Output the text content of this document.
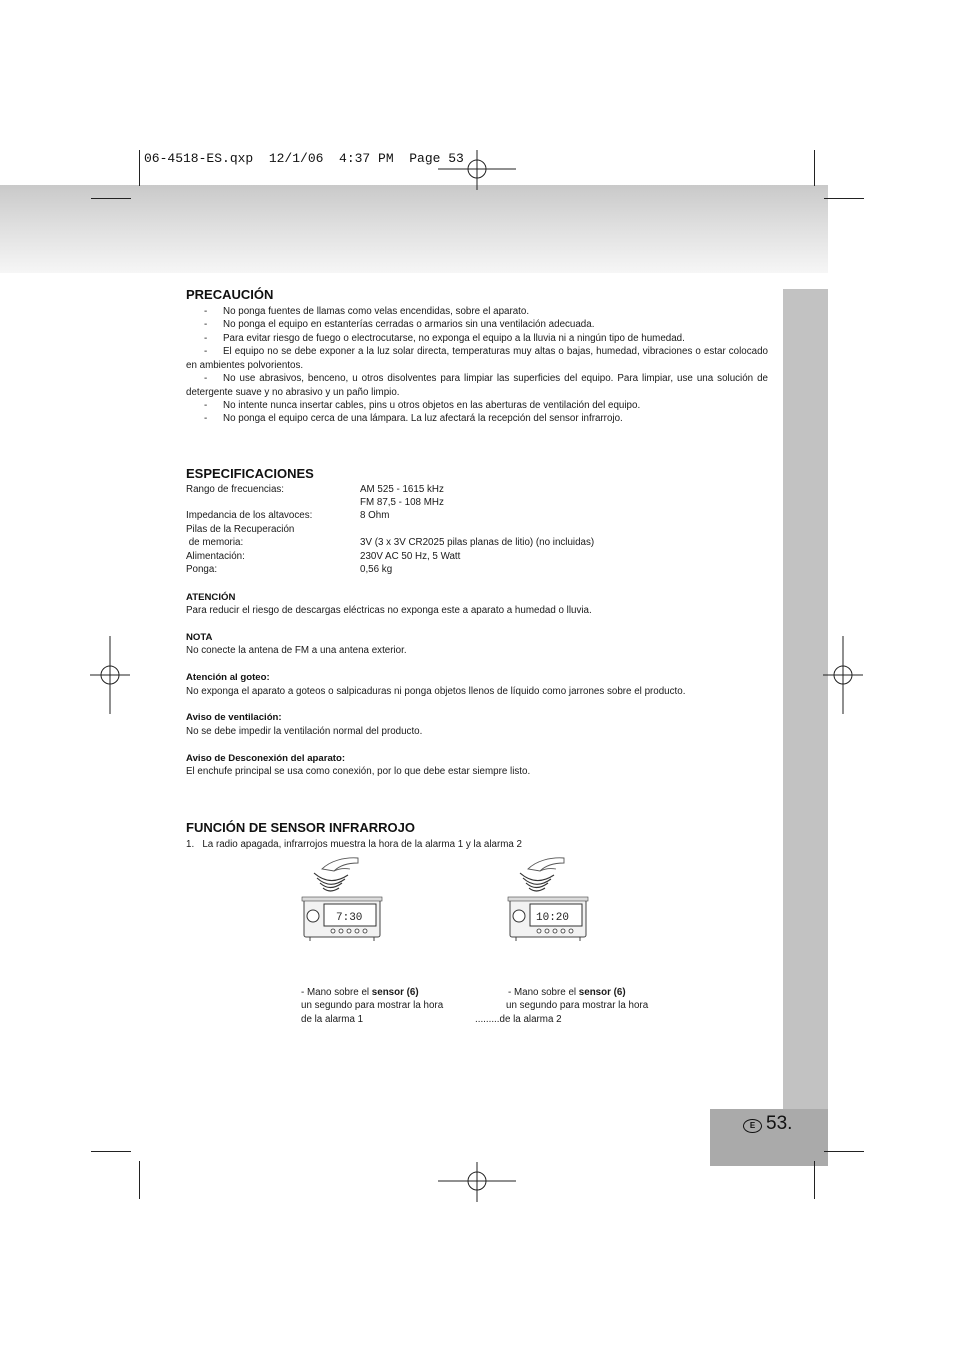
06-4518-ES.qxp  12/1/06  4:37 PM  Page 53
PRECAUCIÓN
-	No ponga fuentes de llamas como velas encendidas, sobre el aparato.
-	No ponga el equipo en estanterías cerradas o armarios sin una ventilación adecuada.
-	Para evitar riesgo de fuego o electrocutarse, no exponga el equipo a la lluvia ni a ningún tipo de humedad.
-	El equipo no se debe exponer a la luz solar directa, temperaturas muy altas o bajas, humedad, vibraciones o estar colocado en ambientes polvorientos.
-	No use abrasivos, benceno, u otros disolventes para limpiar las superficies del equipo. Para limpiar, use una solución de detergente suave y no abrasivo y un paño limpio.
-	No intente nunca insertar cables, pins u otros objetos en las aberturas de ventilación del equipo.
-	No ponga el equipo cerca de una lámpara. La luz afectará la recepción del sensor infrarrojo.
ESPECIFICACIONES
Rango de frecuencias:	AM 525 - 1615 kHz
FM 87,5 - 108 MHz
Impedancia de los altavoces:	8 Ohm
Pilas de la Recuperación
de memoria:	3V (3 x 3V CR2025 pilas planas de litio) (no incluidas)
Alimentación:	230V AC 50 Hz, 5 Watt
Ponga:	0,56 kg
ATENCIÓN
Para reducir el riesgo de descargas eléctricas no exponga este a aparato a humedad o lluvia.
NOTA
No conecte la antena de FM a una antena exterior.
Atención al goteo:
No exponga el aparato a goteos o salpicaduras ni ponga objetos llenos de líquido como jarrones sobre el producto.
Aviso de ventilación:
No se debe impedir la ventilación normal del producto.
Aviso de Desconexión del aparato:
El enchufe principal se usa como conexión, por lo que debe estar siempre listo.
FUNCIÓN DE SENSOR INFRARROJO
1.   La radio apagada, infrarrojos muestra la hora de la alarma 1 y la alarma 2
7:30	10:20
- Mano sobre el sensor (6)
un segundo para mostrar la hora
de la alarma 1
- Mano sobre el sensor (6)
un segundo para mostrar la hora
.........de la alarma 2
E 53.
